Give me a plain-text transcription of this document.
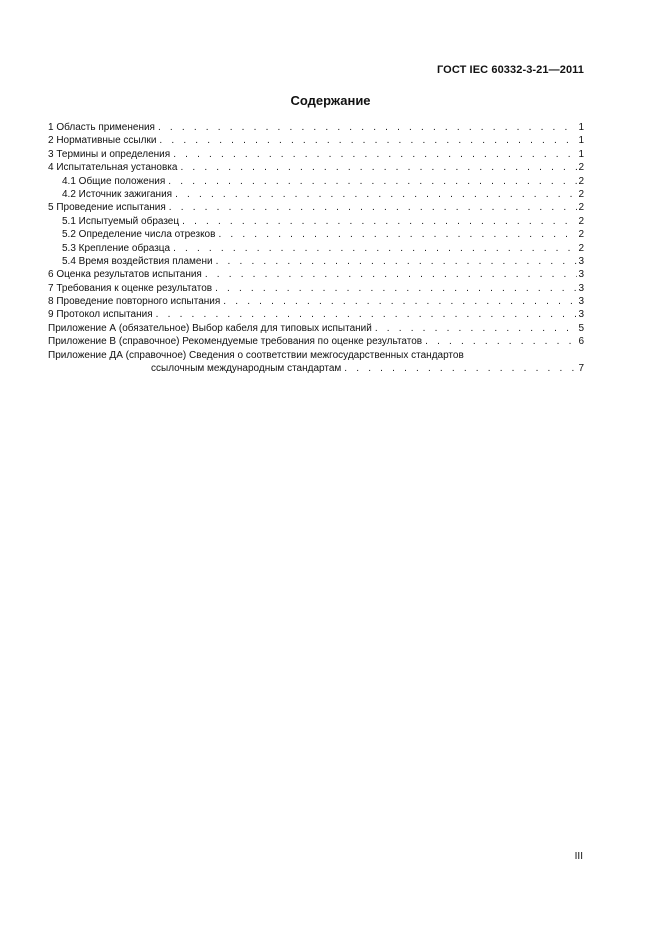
ГОСТ IEC 60332-3-21—2011
Содержание
1 Область применения . . .	1
2 Нормативные ссылки . . .	1
3 Термины и определения . . .	1
4 Испытательная установка . . .	2
4.1 Общие положения . . .	2
4.2 Источник зажигания . . .	2
5 Проведение испытания . . .	2
5.1 Испытуемый образец . . .	2
5.2 Определение числа отрезков . . .	2
5.3 Крепление образца . . .	2
5.4 Время воздействия пламени . . .	3
6 Оценка результатов испытания . . .	3
7 Требования к оценке результатов . . .	3
8 Проведение повторного испытания . . .	3
9 Протокол испытания . . .	3
Приложение А (обязательное) Выбор кабеля для типовых испытаний . . .	5
Приложение В (справочное) Рекомендуемые требования по оценке результатов . . .	6
Приложение ДА (справочное) Сведения о соответствии межгосударственных стандартов
ссылочным международным стандартам . . .	7
III
